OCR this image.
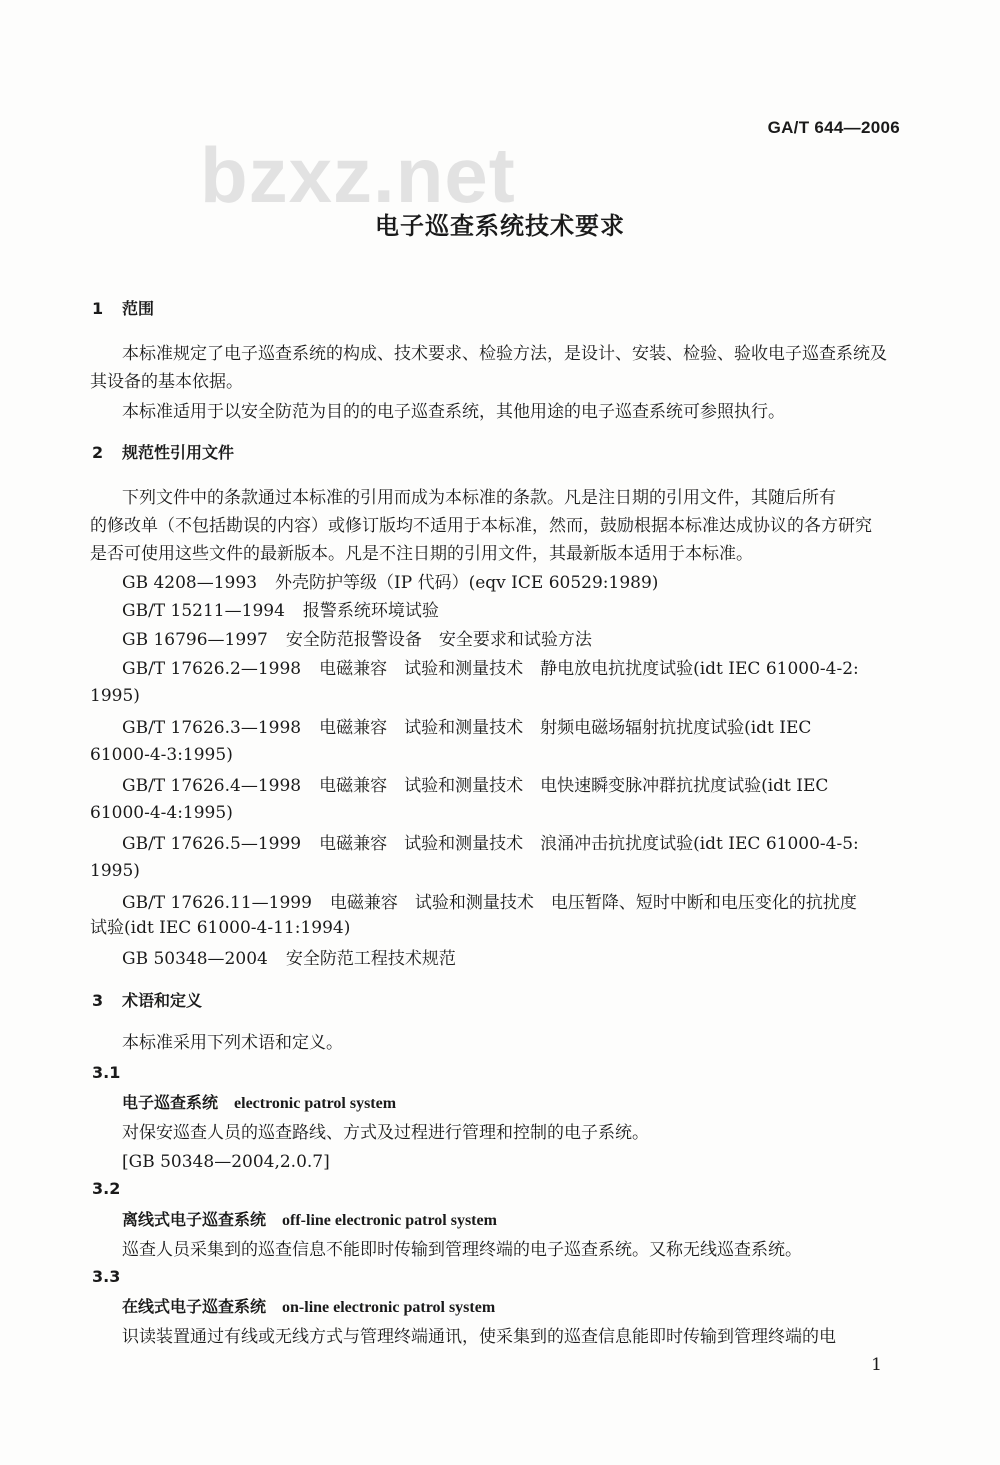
bzxz.net
GA/T 644—2006
电子巡查系统技术要求
1 范围
本标准规定了电子巡查系统的构成、技术要求、检验方法，是设计、安装、检验、验收电子巡查系统及
其设备的基本依据。
本标准适用于以安全防范为目的的电子巡查系统，其他用途的电子巡查系统可参照执行。
2 规范性引用文件
下列文件中的条款通过本标准的引用而成为本标准的条款。凡是注日期的引用文件，其随后所有
的修改单（不包括勘误的内容）或修订版均不适用于本标准，然而，鼓励根据本标准达成协议的各方研究
是否可使用这些文件的最新版本。凡是不注日期的引用文件，其最新版本适用于本标准。
GB 4208—1993 外壳防护等级（IP 代码）(eqv ICE 60529:1989)
GB/T 15211—1994 报警系统环境试验
GB 16796—1997 安全防范报警设备　安全要求和试验方法
GB/T 17626.2—1998 电磁兼容　试验和测量技术　静电放电抗扰度试验(idt IEC 61000-4-2:
1995)
GB/T 17626.3—1998 电磁兼容　试验和测量技术　射频电磁场辐射抗扰度试验(idt IEC
61000-4-3:1995)
GB/T 17626.4—1998 电磁兼容　试验和测量技术　电快速瞬变脉冲群抗扰度试验(idt IEC
61000-4-4:1995)
GB/T 17626.5—1999 电磁兼容　试验和测量技术　浪涌冲击抗扰度试验(idt IEC 61000-4-5:
1995)
GB/T 17626.11—1999 电磁兼容　试验和测量技术　电压暂降、短时中断和电压变化的抗扰度
试验(idt IEC 61000-4-11:1994)
GB 50348—2004 安全防范工程技术规范
3 术语和定义
本标准采用下列术语和定义。
3.1
电子巡查系统 electronic patrol system
对保安巡查人员的巡查路线、方式及过程进行管理和控制的电子系统。
[GB 50348—2004,2.0.7]
3.2
离线式电子巡查系统 off-line electronic patrol system
巡查人员采集到的巡查信息不能即时传输到管理终端的电子巡查系统。又称无线巡查系统。
3.3
在线式电子巡查系统 on-line electronic patrol system
识读装置通过有线或无线方式与管理终端通讯，使采集到的巡查信息能即时传输到管理终端的电
1
